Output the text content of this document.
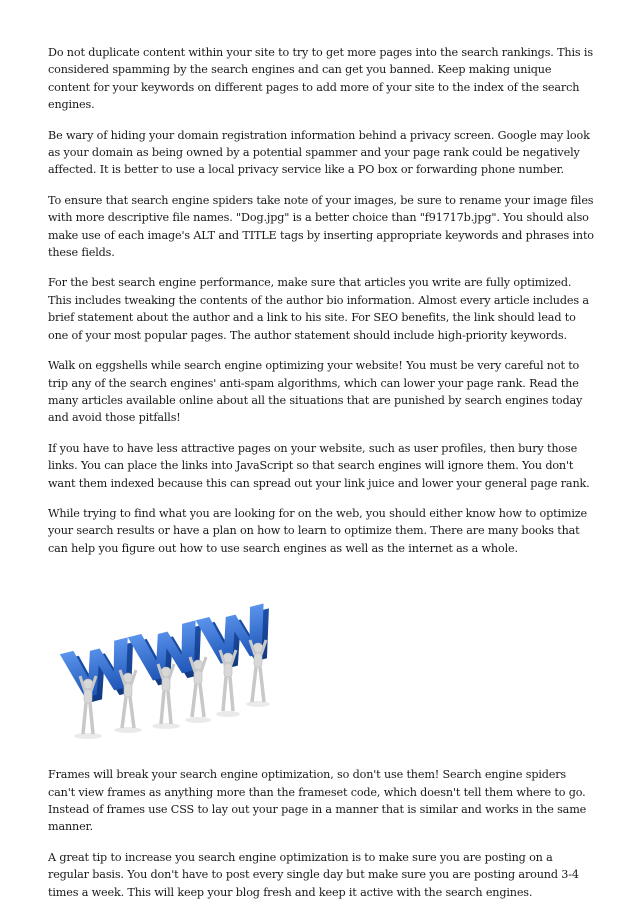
Do not duplicate content within your site to try to get more pages into the search rankings. This is considered spamming by the search engines and can get you banned. Keep making unique content for your keywords on different pages to add more of your site to the index of the search engines.

Be wary of hiding your domain registration information behind a privacy screen. Google may look as your domain as being owned by a potential spammer and your page rank could be negatively affected. It is better to use a local privacy service like a PO box or forwarding phone number.

To ensure that search engine spiders take note of your images, be sure to rename your image files with more descriptive file names. "Dog.jpg" is a better choice than "f91717b.jpg". You should also make use of each image's ALT and TITLE tags by inserting appropriate keywords and phrases into these fields.

For the best search engine performance, make sure that articles you write are fully optimized. This includes tweaking the contents of the author bio information. Almost every article includes a brief statement about the author and a link to his site. For SEO benefits, the link should lead to one of your most popular pages. The author statement should include high-priority keywords.

Walk on eggshells while search engine optimizing your website! You must be very careful not to trip any of the search engines' anti-spam algorithms, which can lower your page rank. Read the many articles available online about all the situations that are punished by search engines today and avoid those pitfalls!

If you have to have less attractive pages on your website, such as user profiles, then bury those links. You can place the links into JavaScript so that search engines will ignore them. You don't want them indexed because this can spread out your link juice and lower your general page rank.

While trying to find what you are looking for on the web, you should either know how to optimize your search results or have a plan on how to learn to optimize them. There are many books that can help you figure out how to use search engines as well as the internet as a whole.

Frames will break your search engine optimization, so don't use them! Search engine spiders can't view frames as anything more than the frameset code, which doesn't tell them where to go. Instead of frames use CSS to lay out your page in a manner that is similar and works in the same manner.

A great tip to increase you search engine optimization is to make sure you are posting on a regular basis. You don't have to post every single day but make sure you are posting around 3-4 times a week. This will keep your blog fresh and keep it active with the search engines.
